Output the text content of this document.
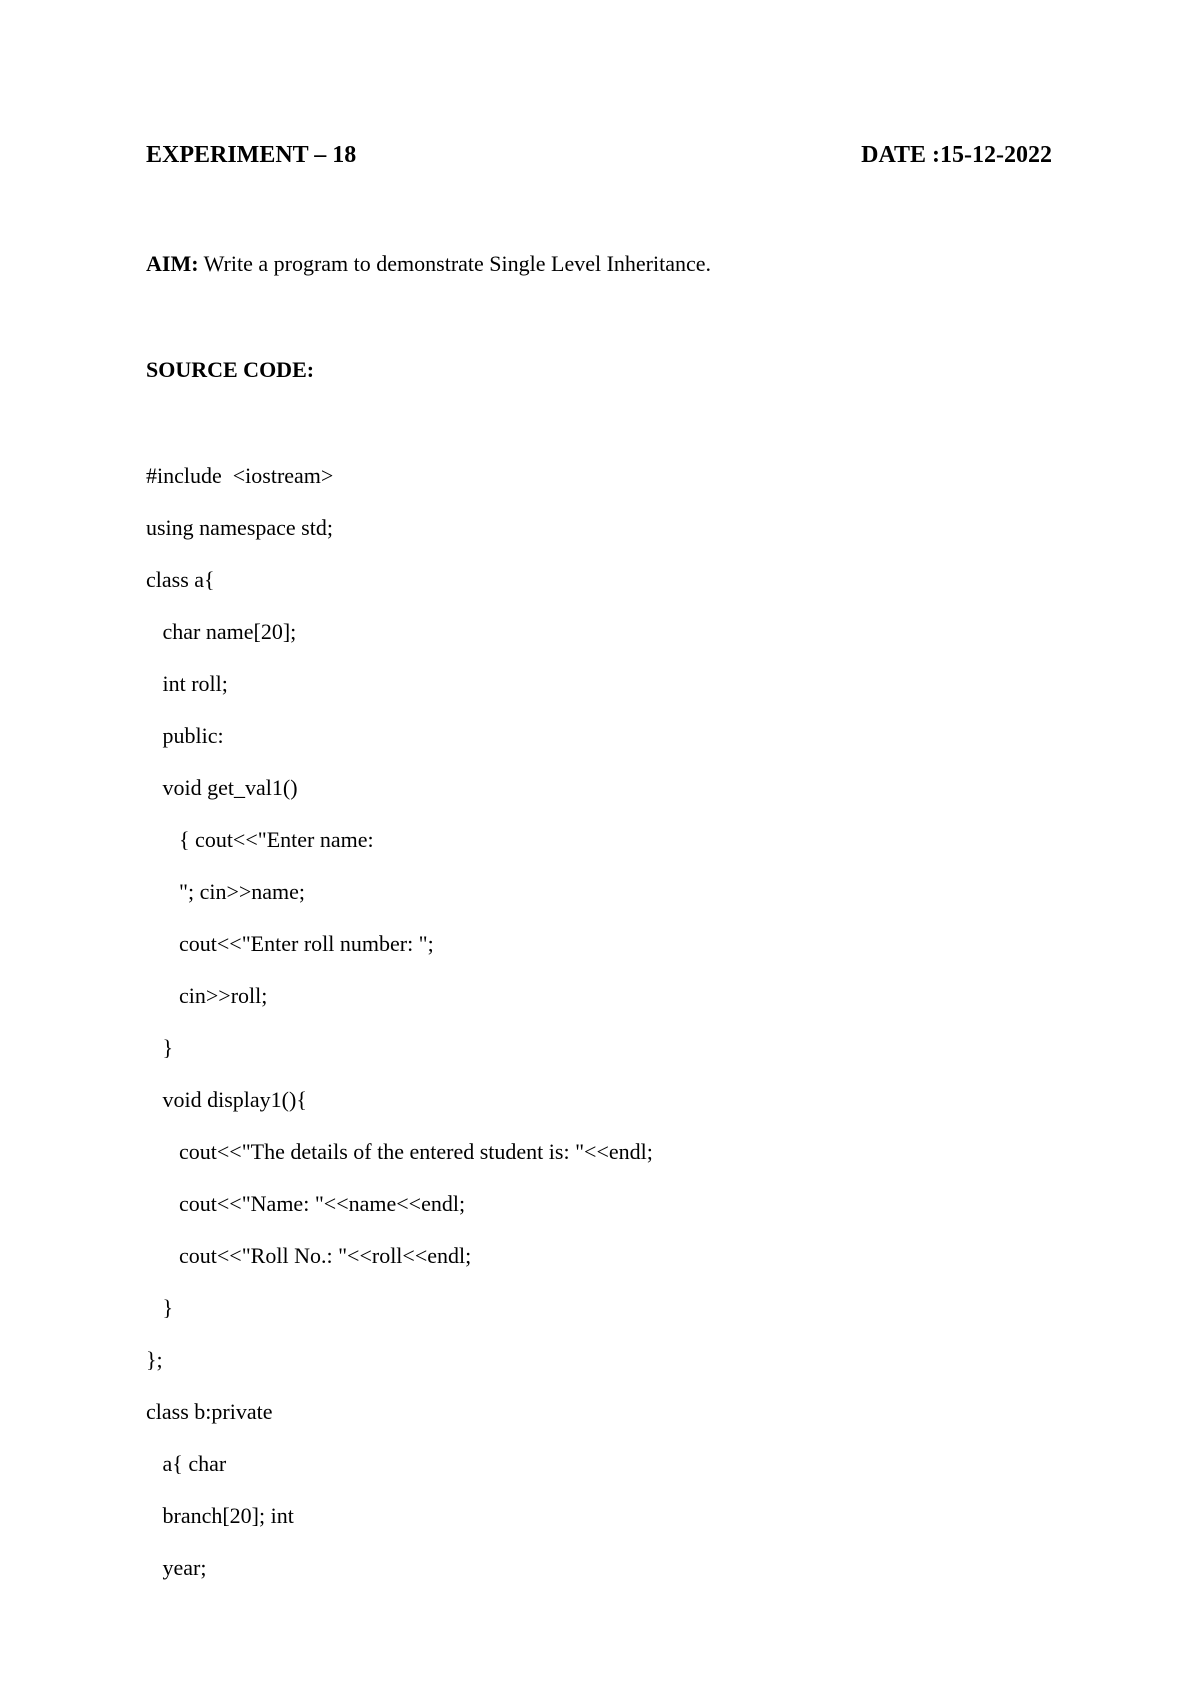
EXPERIMENT – 18	DATE :15-12-2022
AIM: Write a program to demonstrate Single Level Inheritance.
SOURCE CODE:
#include  <iostream>
using namespace std;
class a{
char name[20];
int roll;
public:
void get_val1()
{ cout<<"Enter name:
"; cin>>name;
cout<<"Enter roll number: ";
cin>>roll;
}
void display1(){
cout<<"The details of the entered student is: "<<endl;
cout<<"Name: "<<name<<endl;
cout<<"Roll No.: "<<roll<<endl;
}
};
class b:private
a{ char
branch[20]; int
year;
